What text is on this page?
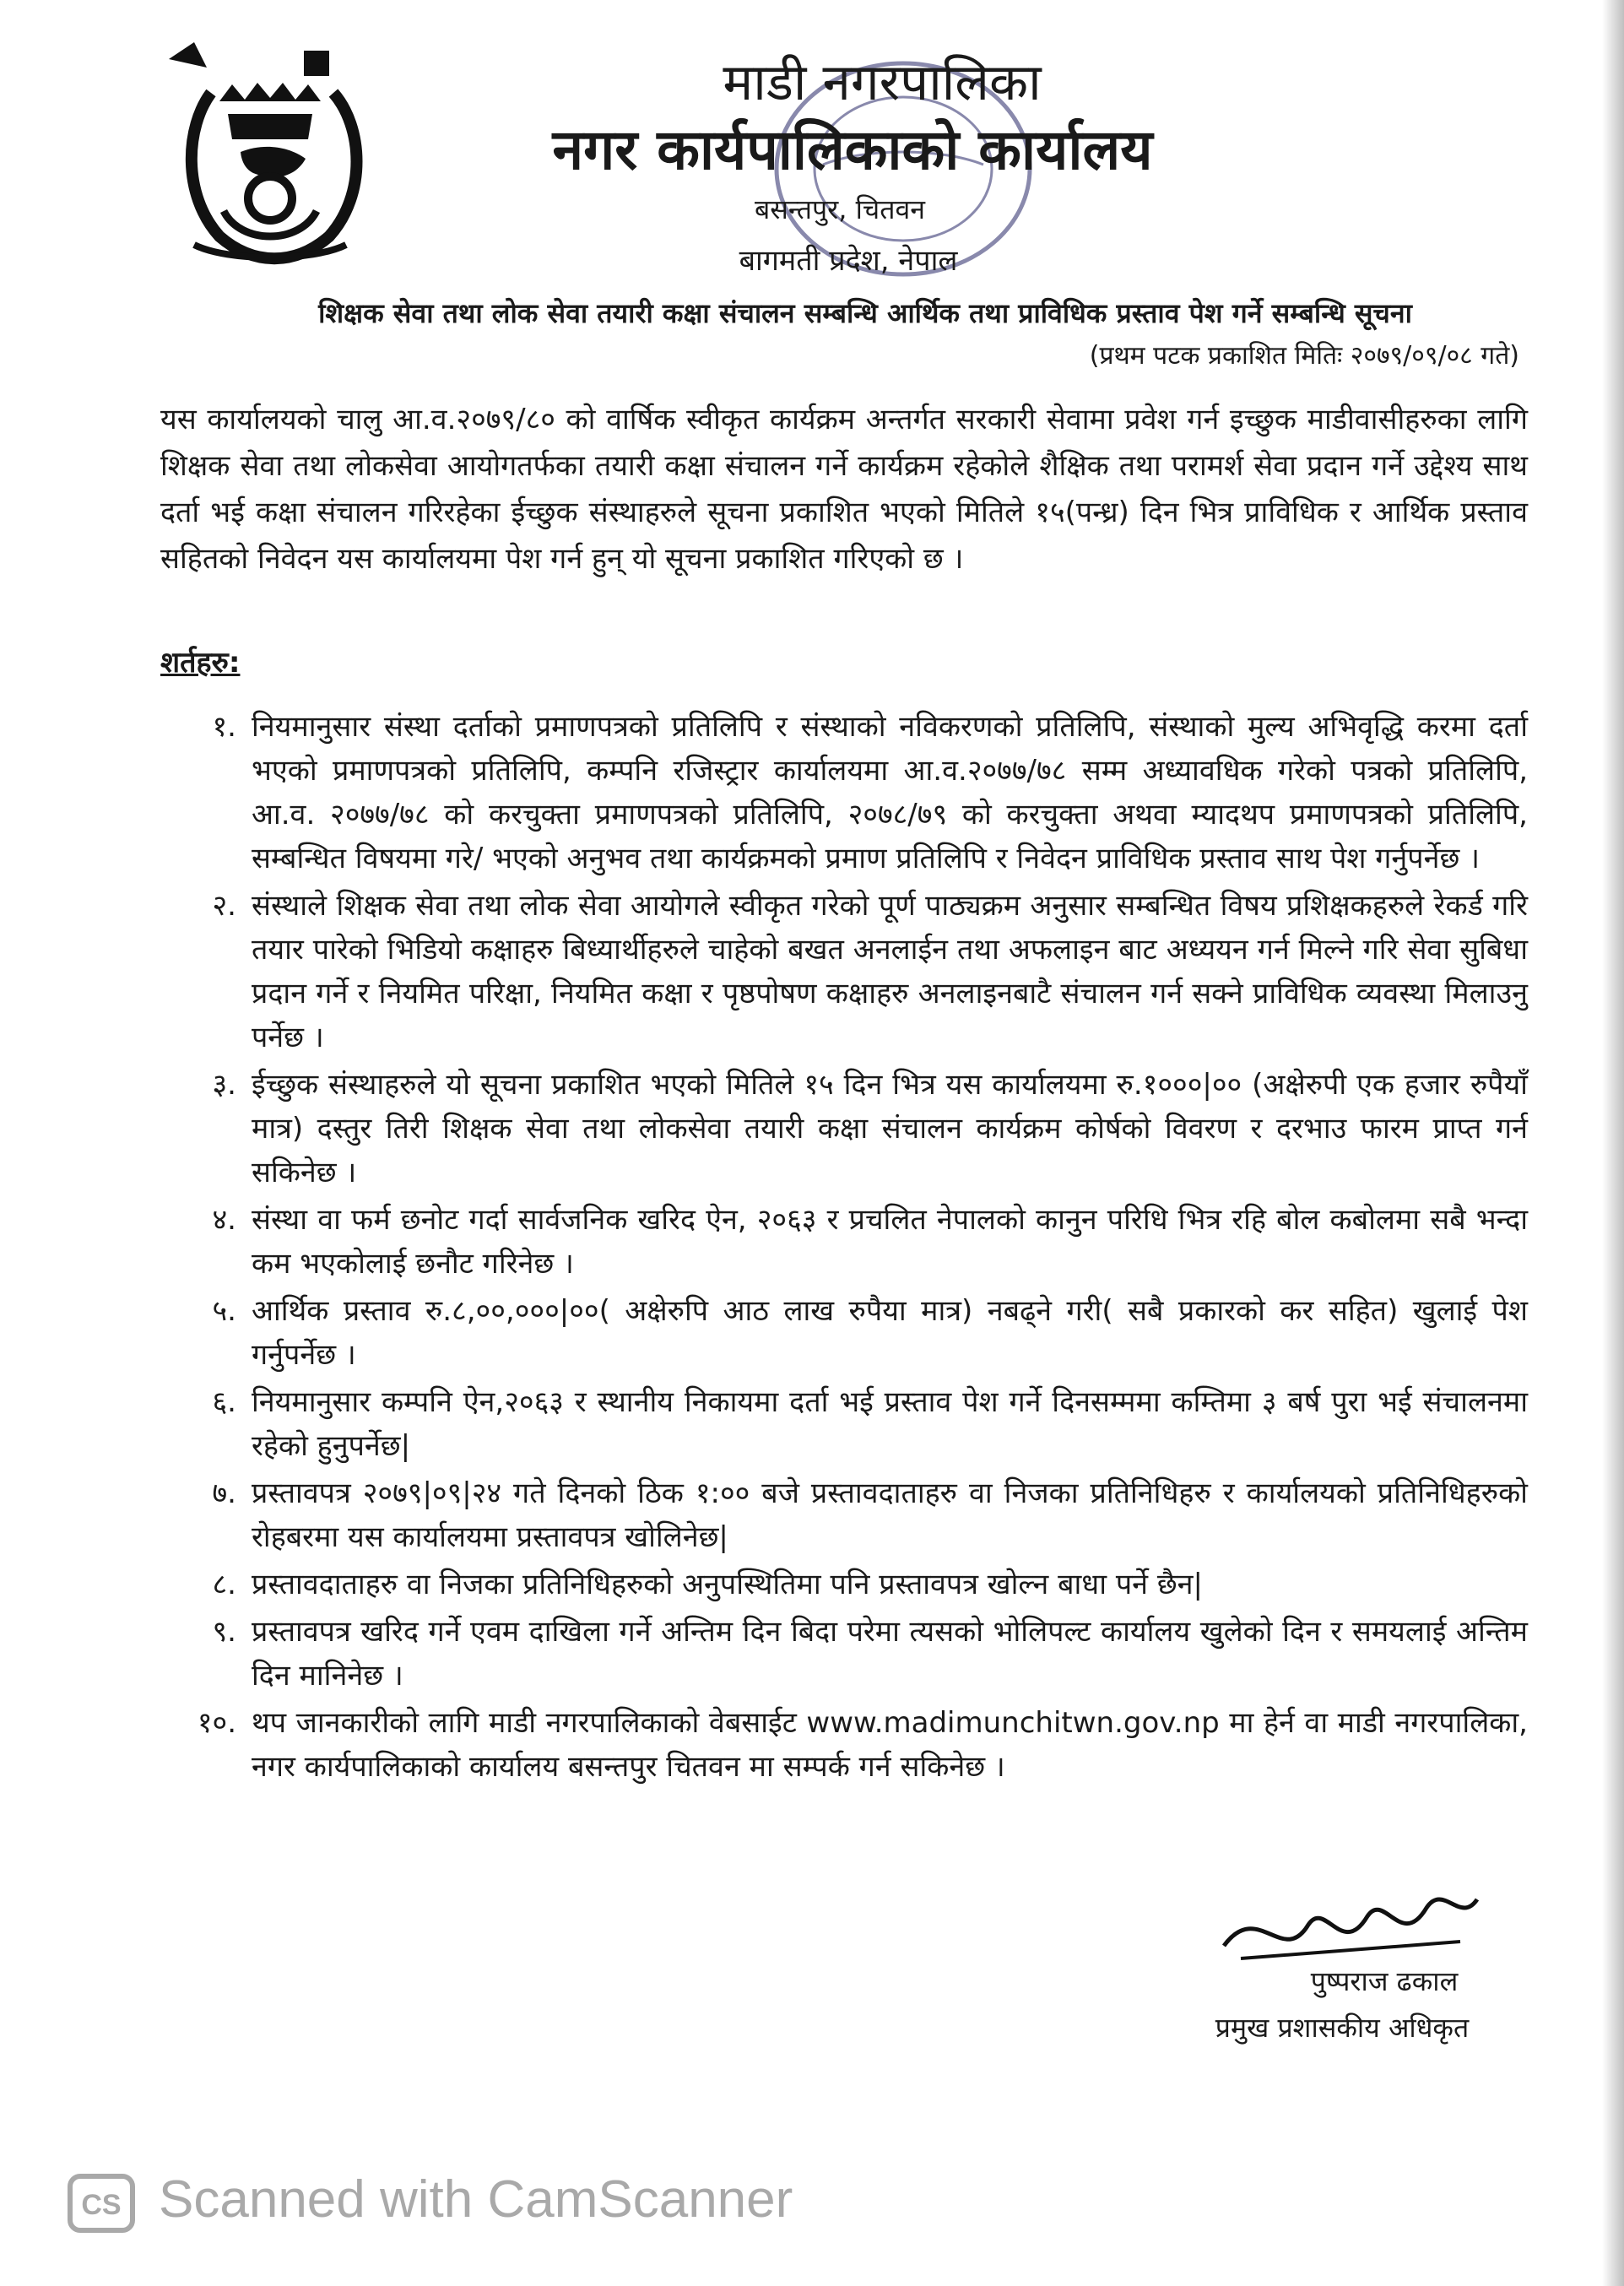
माडी नगरपालिका
नगर कार्यपालिकाको कार्यालय
बसन्तपुर, चितवन
बागमती प्रदेश, नेपाल
शिक्षक सेवा तथा लोक सेवा तयारी कक्षा संचालन सम्बन्धि आर्थिक तथा प्राविधिक प्रस्ताव पेश गर्ने सम्बन्धि सूचना
(प्रथम पटक प्रकाशित मितिः २०७९/०९/०८ गते)
यस कार्यालयको चालु आ.व.२०७९/८० को वार्षिक स्वीकृत कार्यक्रम अन्तर्गत सरकारी सेवामा प्रवेश गर्न इच्छुक माडीवासीहरुका लागि शिक्षक सेवा तथा लोकसेवा आयोगतर्फका तयारी कक्षा संचालन गर्ने कार्यक्रम रहेकोले शैक्षिक तथा परामर्श सेवा प्रदान गर्ने उद्देश्य साथ दर्ता भई कक्षा संचालन गरिरहेका ईच्छुक संस्थाहरुले सूचना प्रकाशित भएको मितिले १५(पन्ध्र) दिन भित्र प्राविधिक र आर्थिक प्रस्ताव सहितको निवेदन यस कार्यालयमा पेश गर्न हुन् यो सूचना प्रकाशित गरिएको छ ।
शर्तहरु:
१. नियमानुसार संस्था दर्ताको प्रमाणपत्रको प्रतिलिपि र संस्थाको नविकरणको प्रतिलिपि, संस्थाको मुल्य अभिवृद्धि करमा दर्ता भएको प्रमाणपत्रको प्रतिलिपि, कम्पनि रजिस्ट्रार कार्यालयमा आ.व.२०७७/७८ सम्म अध्यावधिक गरेको पत्रको प्रतिलिपि, आ.व. २०७७/७८ को करचुक्ता प्रमाणपत्रको प्रतिलिपि, २०७८/७९ को करचुक्ता अथवा म्यादथप प्रमाणपत्रको प्रतिलिपि, सम्बन्धित विषयमा गरे/ भएको अनुभव तथा कार्यक्रमको प्रमाण प्रतिलिपि र निवेदन प्राविधिक प्रस्ताव साथ पेश गर्नुपर्नेछ ।
२. संस्थाले शिक्षक सेवा तथा लोक सेवा आयोगले स्वीकृत गरेको पूर्ण पाठ्यक्रम अनुसार सम्बन्धित विषय प्रशिक्षकहरुले रेकर्ड गरि तयार पारेको भिडियो कक्षाहरु बिध्यार्थीहरुले चाहेको बखत अनलाईन तथा अफलाइन बाट अध्ययन गर्न मिल्ने गरि सेवा सुबिधा प्रदान गर्ने र नियमित परिक्षा, नियमित कक्षा र पृष्ठपोषण कक्षाहरु अनलाइनबाटै संचालन गर्न सक्ने प्राविधिक व्यवस्था मिलाउनु पर्नेछ ।
३. ईच्छुक संस्थाहरुले यो सूचना प्रकाशित भएको मितिले १५ दिन भित्र यस कार्यालयमा रु.१०००|०० (अक्षेरुपी एक हजार रुपैयाँ मात्र) दस्तुर तिरी शिक्षक सेवा तथा लोकसेवा तयारी कक्षा संचालन कार्यक्रम कोर्षको विवरण र दरभाउ फारम प्राप्त गर्न सकिनेछ ।
४. संस्था वा फर्म छनोट गर्दा सार्वजनिक खरिद ऐन, २०६३ र प्रचलित नेपालको कानुन परिधि भित्र रहि बोल कबोलमा सबै भन्दा कम भएकोलाई छनौट गरिनेछ ।
५. आर्थिक प्रस्ताव रु.८,००,०००|००( अक्षेरुपि आठ लाख रुपैया मात्र) नबढ्ने गरी( सबै प्रकारको कर सहित) खुलाई पेश गर्नुपर्नेछ ।
६. नियमानुसार कम्पनि ऐन,२०६३ र स्थानीय निकायमा दर्ता भई प्रस्ताव पेश गर्ने दिनसम्ममा कम्तिमा ३ बर्ष पुरा भई संचालनमा रहेको हुनुपर्नेछ|
७. प्रस्तावपत्र २०७९|०९|२४ गते दिनको ठिक १:०० बजे प्रस्तावदाताहरु वा निजका प्रतिनिधिहरु र कार्यालयको प्रतिनिधिहरुको रोहबरमा यस कार्यालयमा प्रस्तावपत्र खोलिनेछ|
८. प्रस्तावदाताहरु वा निजका प्रतिनिधिहरुको अनुपस्थितिमा पनि प्रस्तावपत्र खोल्न बाधा पर्ने छैन|
९. प्रस्तावपत्र खरिद गर्ने एवम दाखिला गर्ने अन्तिम दिन बिदा परेमा त्यसको भोलिपल्ट कार्यालय खुलेको दिन र समयलाई अन्तिम दिन मानिनेछ ।
१०. थप जानकारीको लागि माडी नगरपालिकाको वेबसाईट www.madimunchitwn.gov.np मा हेर्न वा माडी नगरपालिका, नगर कार्यपालिकाको कार्यालय बसन्तपुर चितवन मा सम्पर्क गर्न सकिनेछ ।
पुष्पराज ढकाल
प्रमुख प्रशासकीय अधिकृत
CS Scanned with CamScanner
